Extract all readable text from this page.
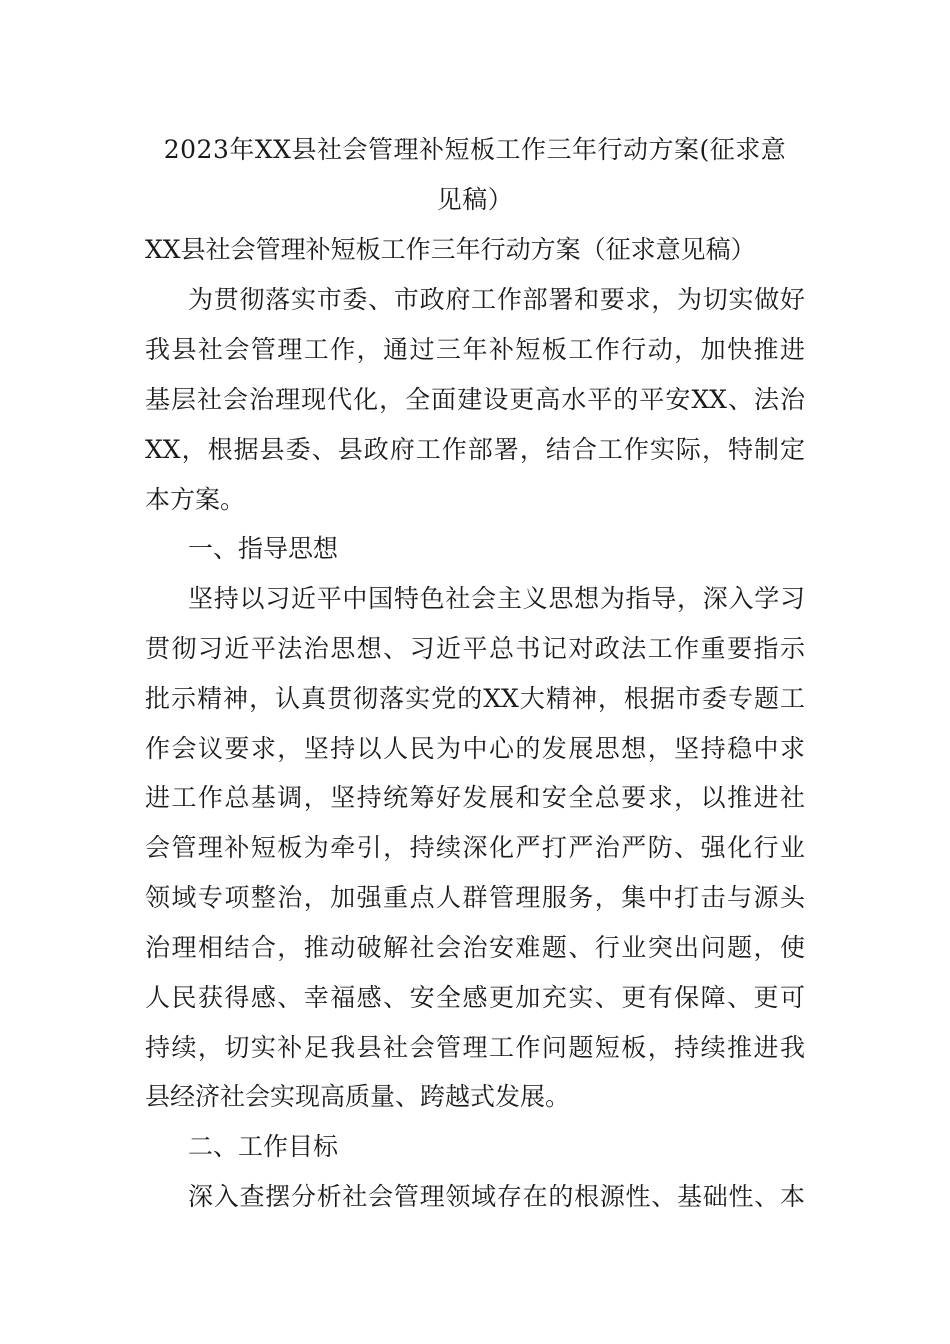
2023年XX县社会管理补短板工作三年行动方案(征求意
见稿）
XX县社会管理补短板工作三年行动方案（征求意见稿）
为贯彻落实市委、市政府工作部署和要求，为切实做好
我县社会管理工作，通过三年补短板工作行动，加快推进
基层社会治理现代化，全面建设更高水平的平安XX、法治
XX，根据县委、县政府工作部署，结合工作实际，特制定
本方案。
一、指导思想
坚持以习近平中国特色社会主义思想为指导，深入学习
贯彻习近平法治思想、习近平总书记对政法工作重要指示
批示精神，认真贯彻落实党的XX大精神，根据市委专题工
作会议要求，坚持以人民为中心的发展思想，坚持稳中求
进工作总基调，坚持统筹好发展和安全总要求，以推进社
会管理补短板为牵引，持续深化严打严治严防、强化行业
领域专项整治，加强重点人群管理服务，集中打击与源头
治理相结合，推动破解社会治安难题、行业突出问题，使
人民获得感、幸福感、安全感更加充实、更有保障、更可
持续，切实补足我县社会管理工作问题短板，持续推进我
县经济社会实现高质量、跨越式发展。
二、工作目标
深入查摆分析社会管理领域存在的根源性、基础性、本
